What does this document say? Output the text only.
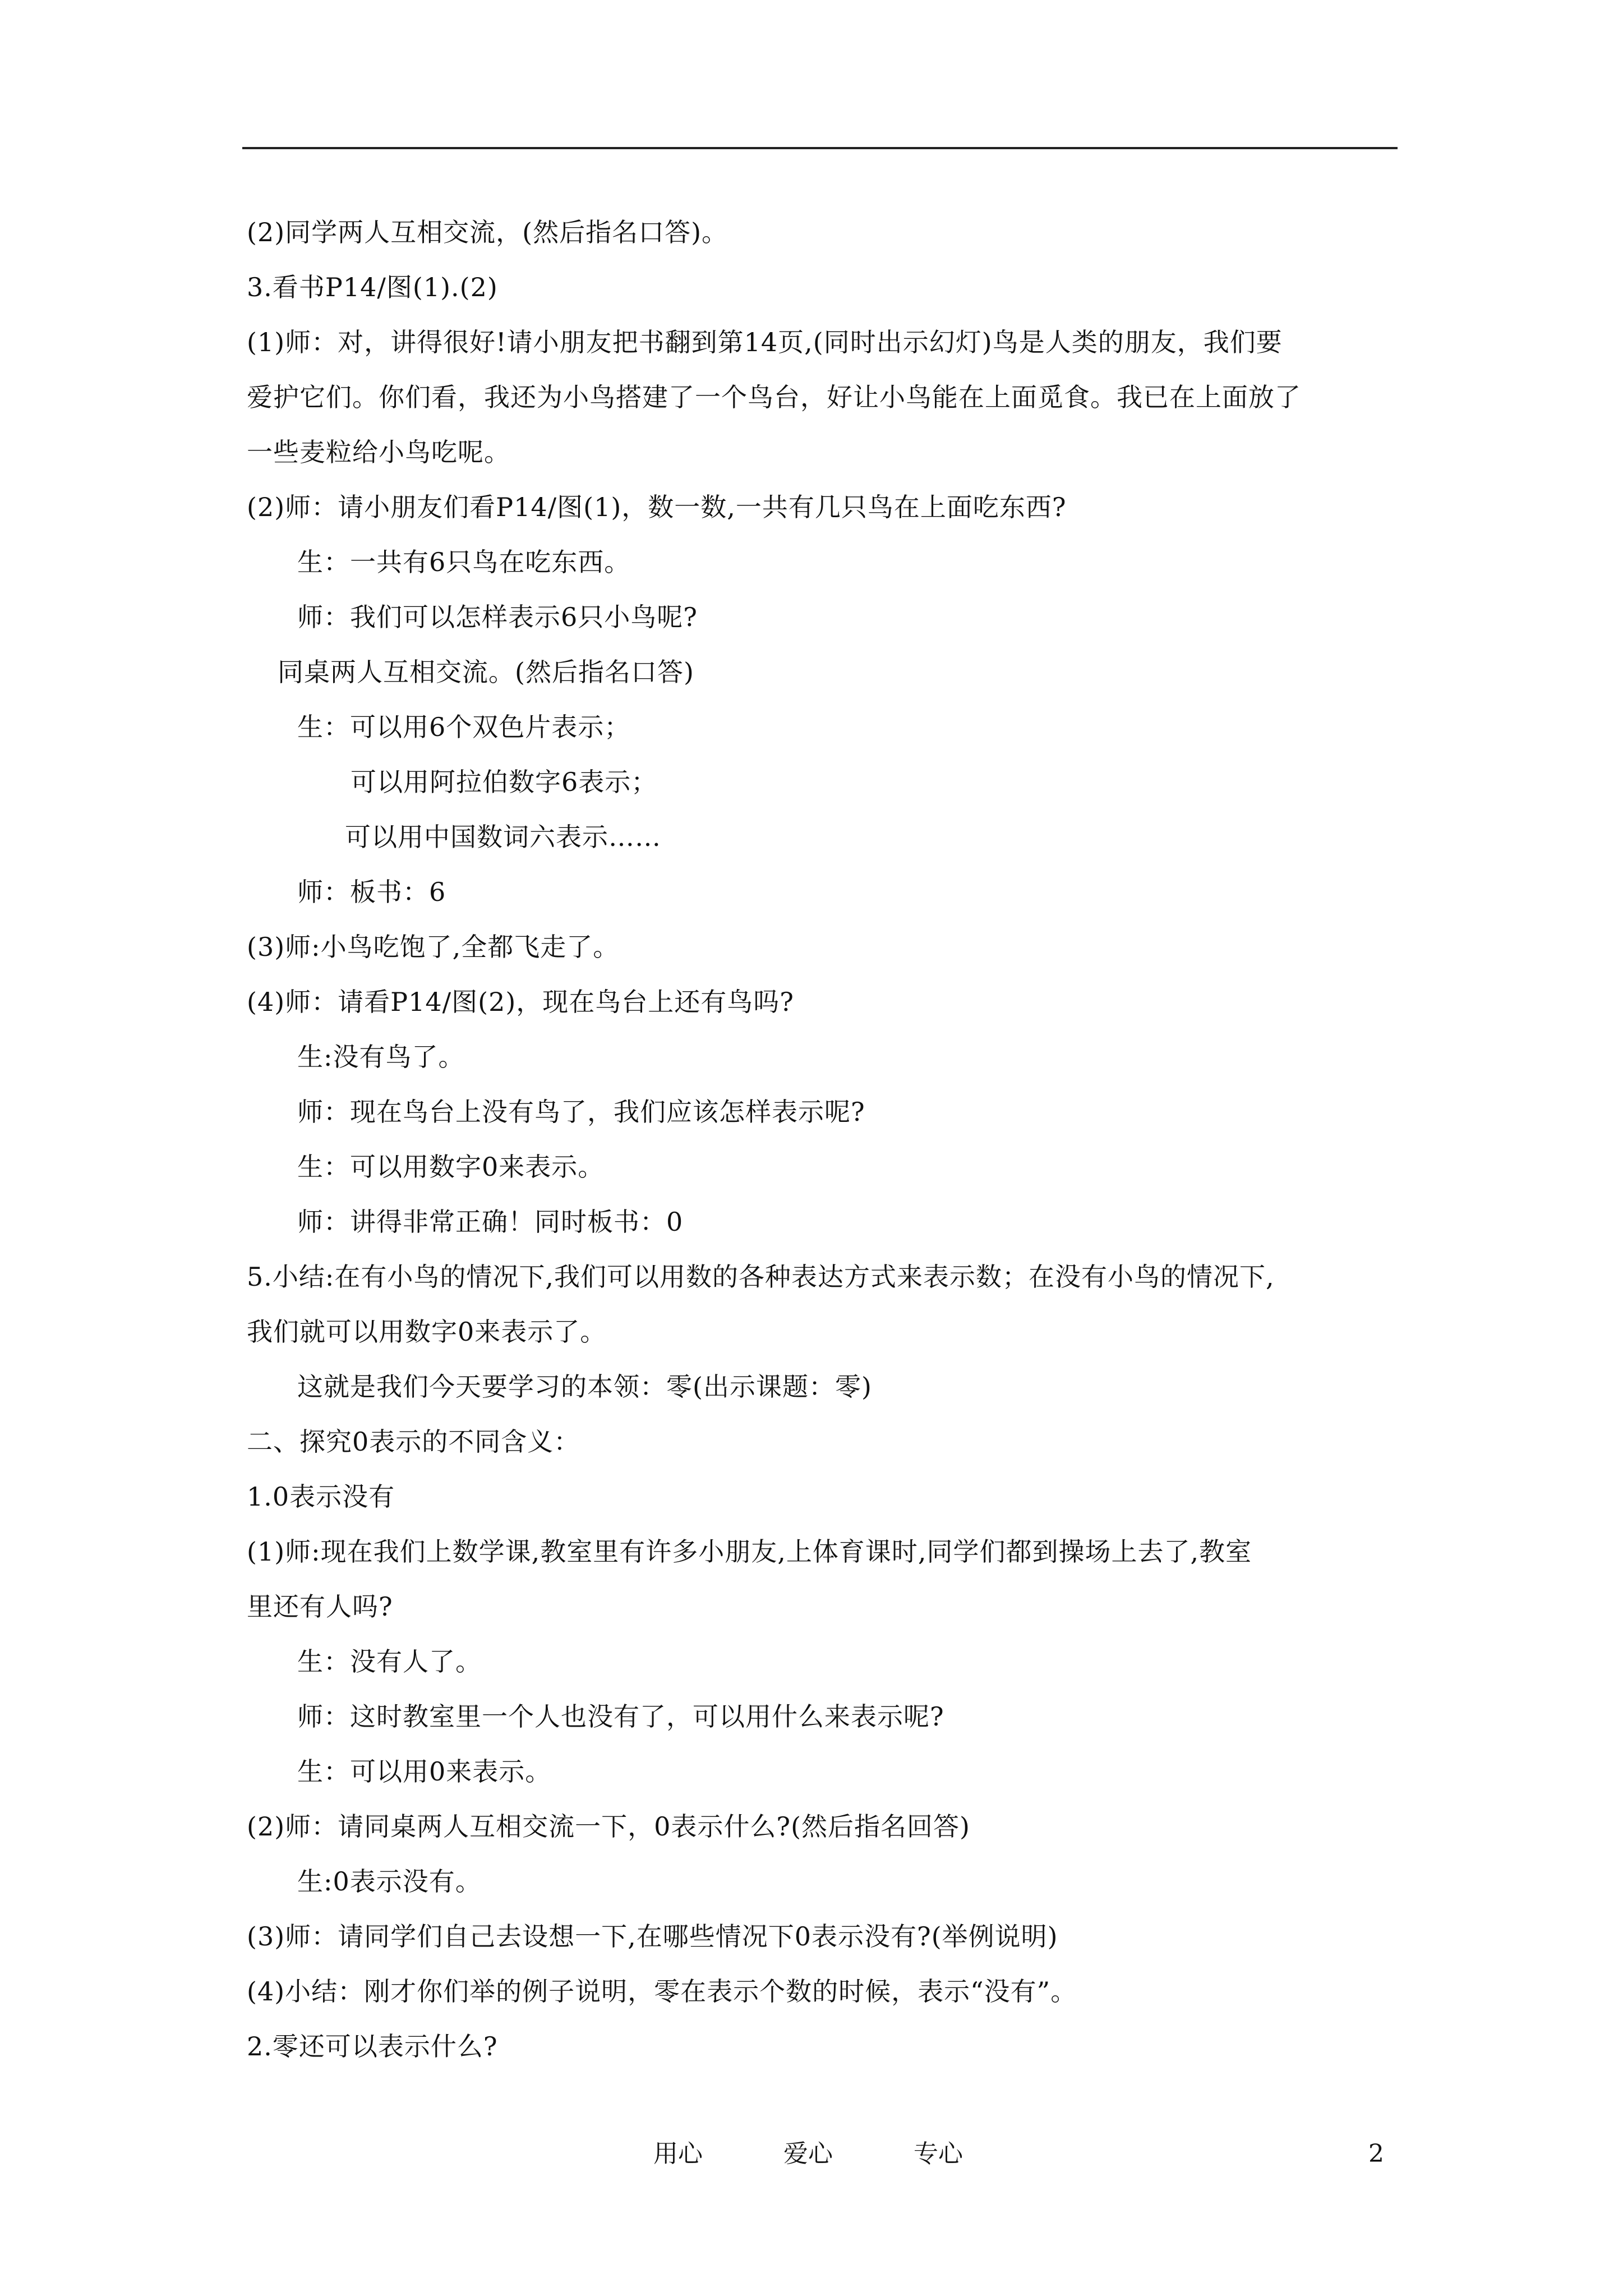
(2)同学两人互相交流，(然后指名口答)。
3.看书P14/图(1).(2)
(1)师：对，讲得很好!请小朋友把书翻到第14页,(同时出示幻灯)鸟是人类的朋友，我们要
爱护它们。你们看，我还为小鸟搭建了一个鸟台，好让小鸟能在上面觅食。我已在上面放了
一些麦粒给小鸟吃呢。
(2)师：请小朋友们看P14/图(1)，数一数,一共有几只鸟在上面吃东西?
生：一共有6只鸟在吃东西。
师：我们可以怎样表示6只小鸟呢?
同桌两人互相交流。(然后指名口答)
生：可以用6个双色片表示；
可以用阿拉伯数字6表示；
可以用中国数词六表示……
师：板书：6
(3)师:小鸟吃饱了,全都飞走了。
(4)师：请看P14/图(2)，现在鸟台上还有鸟吗?
生:没有鸟了。
师：现在鸟台上没有鸟了，我们应该怎样表示呢?
生：可以用数字0来表示。
师：讲得非常正确！同时板书：0
5.小结:在有小鸟的情况下,我们可以用数的各种表达方式来表示数；在没有小鸟的情况下,
我们就可以用数字0来表示了。
这就是我们今天要学习的本领：零(出示课题：零)
二、探究0表示的不同含义：
1.0表示没有
(1)师:现在我们上数学课,教室里有许多小朋友,上体育课时,同学们都到操场上去了,教室
里还有人吗?
生：没有人了。
师：这时教室里一个人也没有了，可以用什么来表示呢?
生：可以用0来表示。
(2)师：请同桌两人互相交流一下，0表示什么?(然后指名回答)
生:0表示没有。
(3)师：请同学们自己去设想一下,在哪些情况下0表示没有?(举例说明)
(4)小结：刚才你们举的例子说明，零在表示个数的时候，表示“没有”。
2.零还可以表示什么?
用心	爱心	专心	2
